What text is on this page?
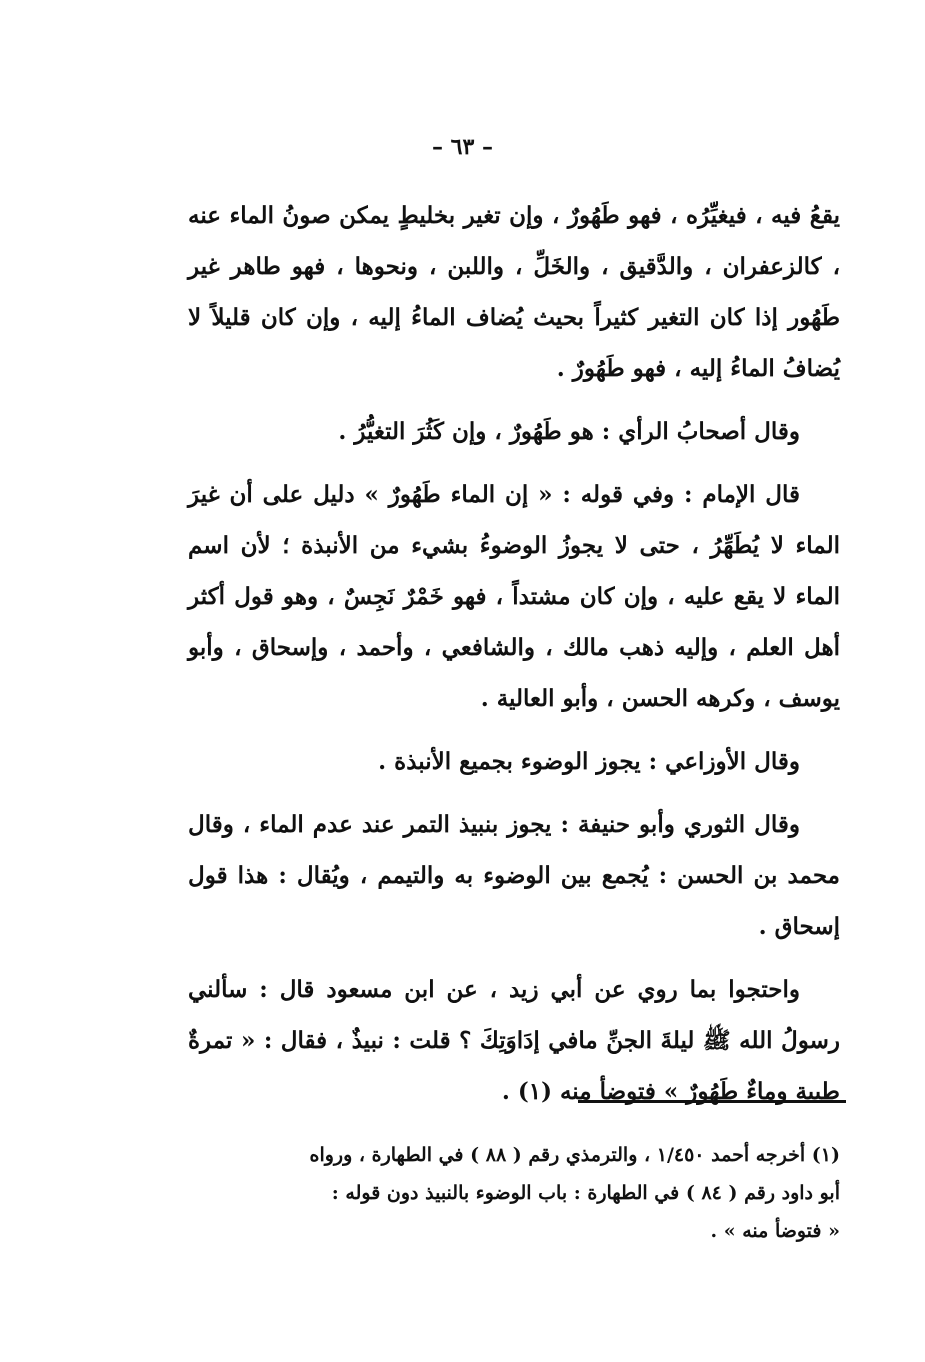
– ٦٣ –

يقعُ فيه ، فيغيِّرُه ، فهو طَهُورٌ ، وإن تغير بخليطٍ يمكن صونُ الماء عنه ، كالزعفران ، والدَّقيق ، والخَلِّ ، واللبن ، ونحوها ، فهو طاهر غير طَهُور إذا كان التغير كثيراً بحيث يُضاف الماءُ إليه ، وإن كان قليلاً لا يُضافُ الماءُ إليه ، فهو طَهُورٌ .

وقال أصحابُ الرأي : هو طَهُورٌ ، وإن كَثُرَ التغيُّرُ .

قال الإمام : وفي قوله : « إن الماء طَهُورٌ » دليل على أن غيرَ الماء لا يُطَهِّرُ ، حتى لا يجوزُ الوضوءُ بشيء من الأنبذة ؛ لأن اسم الماء لا يقع عليه ، وإن كان مشتداً ، فهو خَمْرٌ نَجِسٌ ، وهو قول أكثر أهل العلم ، وإليه ذهب مالك ، والشافعي ، وأحمد ، وإسحاق ، وأبو يوسف ، وكرهه الحسن ، وأبو العالية .

وقال الأوزاعي : يجوز الوضوء بجميع الأنبذة .

وقال الثوري وأبو حنيفة : يجوز بنبيذ التمر عند عدم الماء ، وقال محمد بن الحسن : يُجمع بين الوضوء به والتيمم ، ويُقال : هذا قول إسحاق .

واحتجوا بما روي عن أبي زيد ، عن ابن مسعود قال : سألني رسولُ الله ﷺ ليلةَ الجنِّ مافي إدَاوَتِكَ ؟ قلت : نبيذٌ ، فقال : « تمرةٌ طيبة وماءٌ طَهُورٌ » فتوضأ منه (١) .

(١) أخرجه أحمد ١/٤٥٠ ، والترمذي رقم ( ٨٨ ) في الطهارة ، ورواه
أبو داود رقم ( ٨٤ ) في الطهارة : باب الوضوء بالنبيذ دون قوله :
« فتوضأ منه » .
